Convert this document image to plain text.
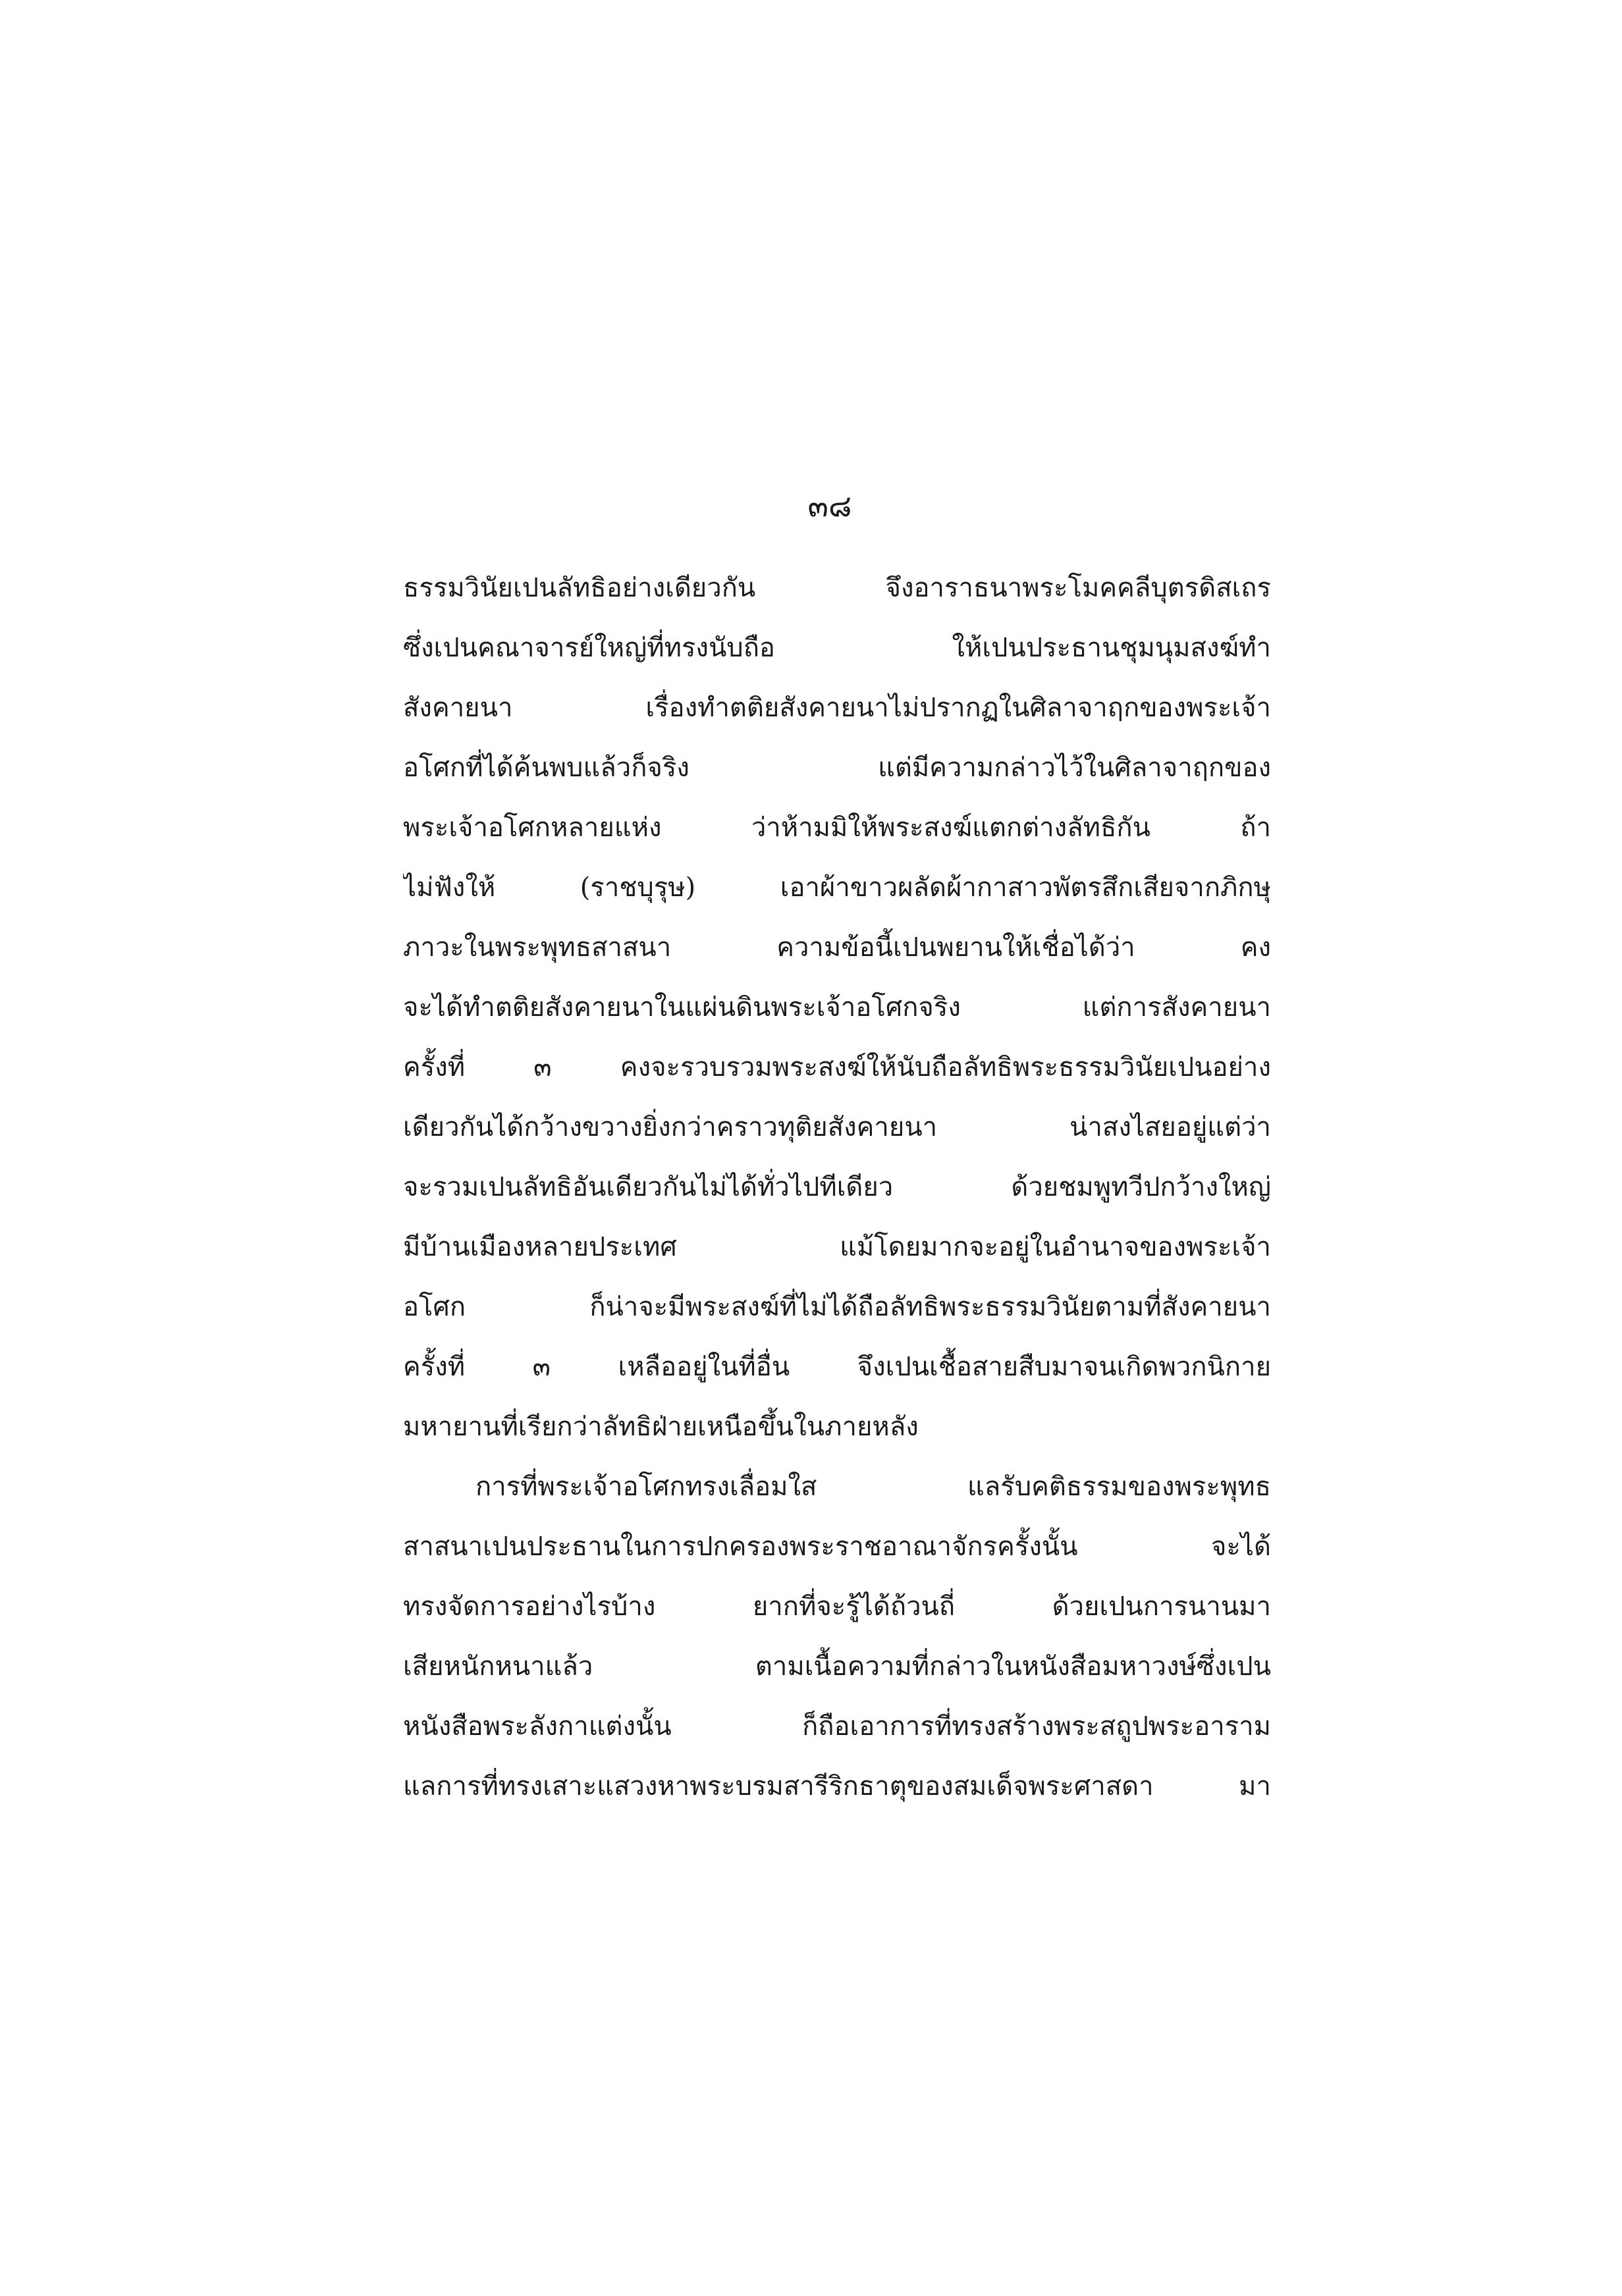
๓๘
ธรรมวินัยเปนลัทธิอย่างเดียวกัน จึงอาราธนาพระโมคคลีบุตรดิสเถร
ซึ่งเปนคณาจารย์ใหญ่ที่ทรงนับถือ ให้เปนประธานชุมนุมสงฆ์ทำ
สังคายนา เรื่องทำตติยสังคายนาไม่ปรากฏในศิลาจาฤกของพระเจ้า
อโศกที่ได้ค้นพบแล้วก็จริง แต่มีความกล่าวไว้ในศิลาจาฤกของ
พระเจ้าอโศกหลายแห่ง ว่าห้ามมิให้พระสงฆ์แตกต่างลัทธิกัน ถ้า
ไม่ฟังให้ (ราชบุรุษ) เอาผ้าขาวผลัดผ้ากาสาวพัตรสึกเสียจากภิกษุ
ภาวะในพระพุทธสาสนา ความข้อนี้เปนพยานให้เชื่อได้ว่า คง
จะได้ทำตติยสังคายนาในแผ่นดินพระเจ้าอโศกจริง แต่การสังคายนา
ครั้งที่ ๓ คงจะรวบรวมพระสงฆ์ให้นับถือลัทธิพระธรรมวินัยเปนอย่าง
เดียวกันได้กว้างขวางยิ่งกว่าคราวทุติยสังคายนา น่าสงไสยอยู่แต่ว่า
จะรวมเปนลัทธิอันเดียวกันไม่ได้ทั่วไปทีเดียว ด้วยชมพูทวีปกว้างใหญ่
มีบ้านเมืองหลายประเทศ แม้โดยมากจะอยู่ในอำนาจของพระเจ้า
อโศก ก็น่าจะมีพระสงฆ์ที่ไม่ได้ถือลัทธิพระธรรมวินัยตามที่สังคายนา
ครั้งที่ ๓ เหลืออยู่ในที่อื่น จึงเปนเชื้อสายสืบมาจนเกิดพวกนิกาย
มหายานที่เรียกว่าลัทธิฝ่ายเหนือขึ้นในภายหลัง
การที่พระเจ้าอโศกทรงเลื่อมใส แลรับคติธรรมของพระพุทธ
สาสนาเปนประธานในการปกครองพระราชอาณาจักรครั้งนั้น จะได้
ทรงจัดการอย่างไรบ้าง ยากที่จะรู้ได้ถ้วนถี่ ด้วยเปนการนานมา
เสียหนักหนาแล้ว ตามเนื้อความที่กล่าวในหนังสือมหาวงษ์ซึ่งเปน
หนังสือพระลังกาแต่งนั้น ก็ถือเอาการที่ทรงสร้างพระสถูปพระอาราม
แลการที่ทรงเสาะแสวงหาพระบรมสารีริกธาตุของสมเด็จพระศาสดา มา
